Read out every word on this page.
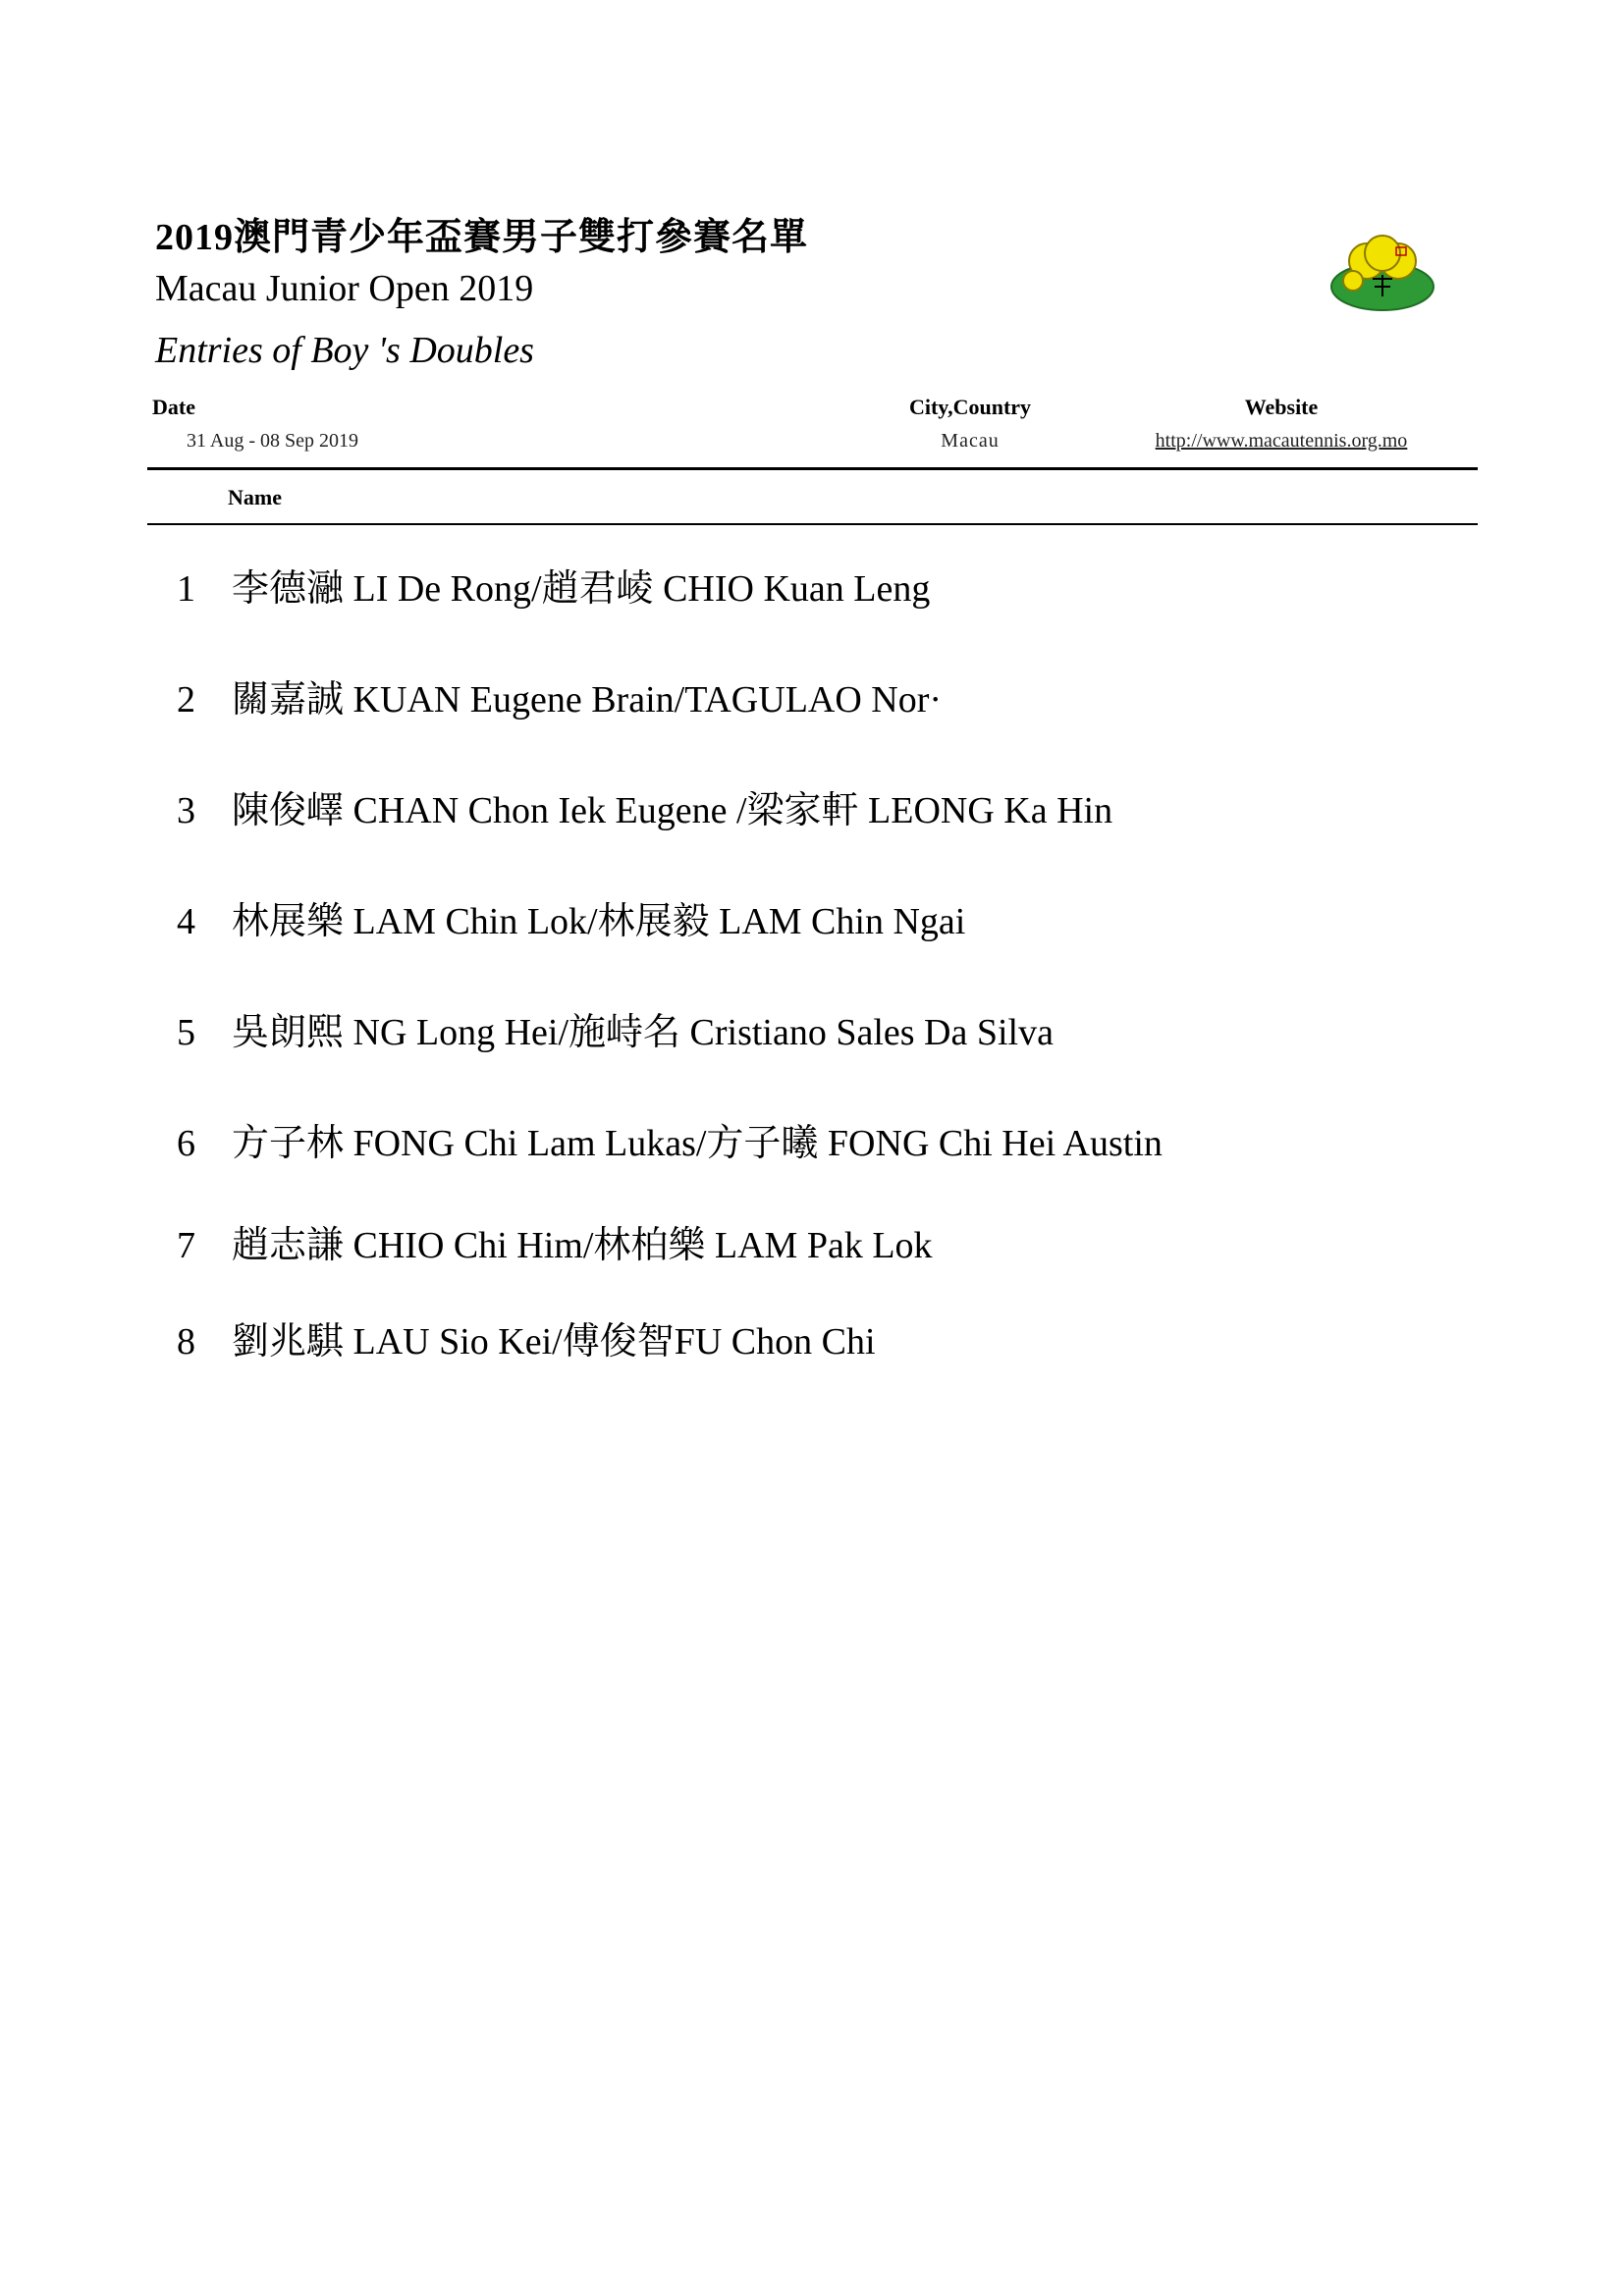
2019澳門青少年盃賽男子雙打參賽名單
Macau Junior Open 2019
Entries of Boy 's Doubles
Date	City,Country	Website
31 Aug - 08 Sep 2019	Macau	http://www.macautennis.org.mo
Name
1 李德瀜 LI De Rong/趙君崚 CHIO Kuan Leng
2 關嘉誠 KUAN Eugene Brain/TAGULAO Nor·
3 陳俊嶧 CHAN Chon Iek Eugene /梁家軒 LEONG Ka Hin
4 林展樂 LAM Chin Lok/林展毅 LAM Chin Ngai
5 吳朗熙 NG Long Hei/施峙名 Cristiano Sales Da Silva
6 方子林 FONG Chi Lam Lukas/方子曦 FONG Chi Hei Austin
7 趙志謙 CHIO Chi Him/林柏樂 LAM Pak Lok
8 劉兆騏 LAU Sio Kei/傅俊智FU Chon Chi
